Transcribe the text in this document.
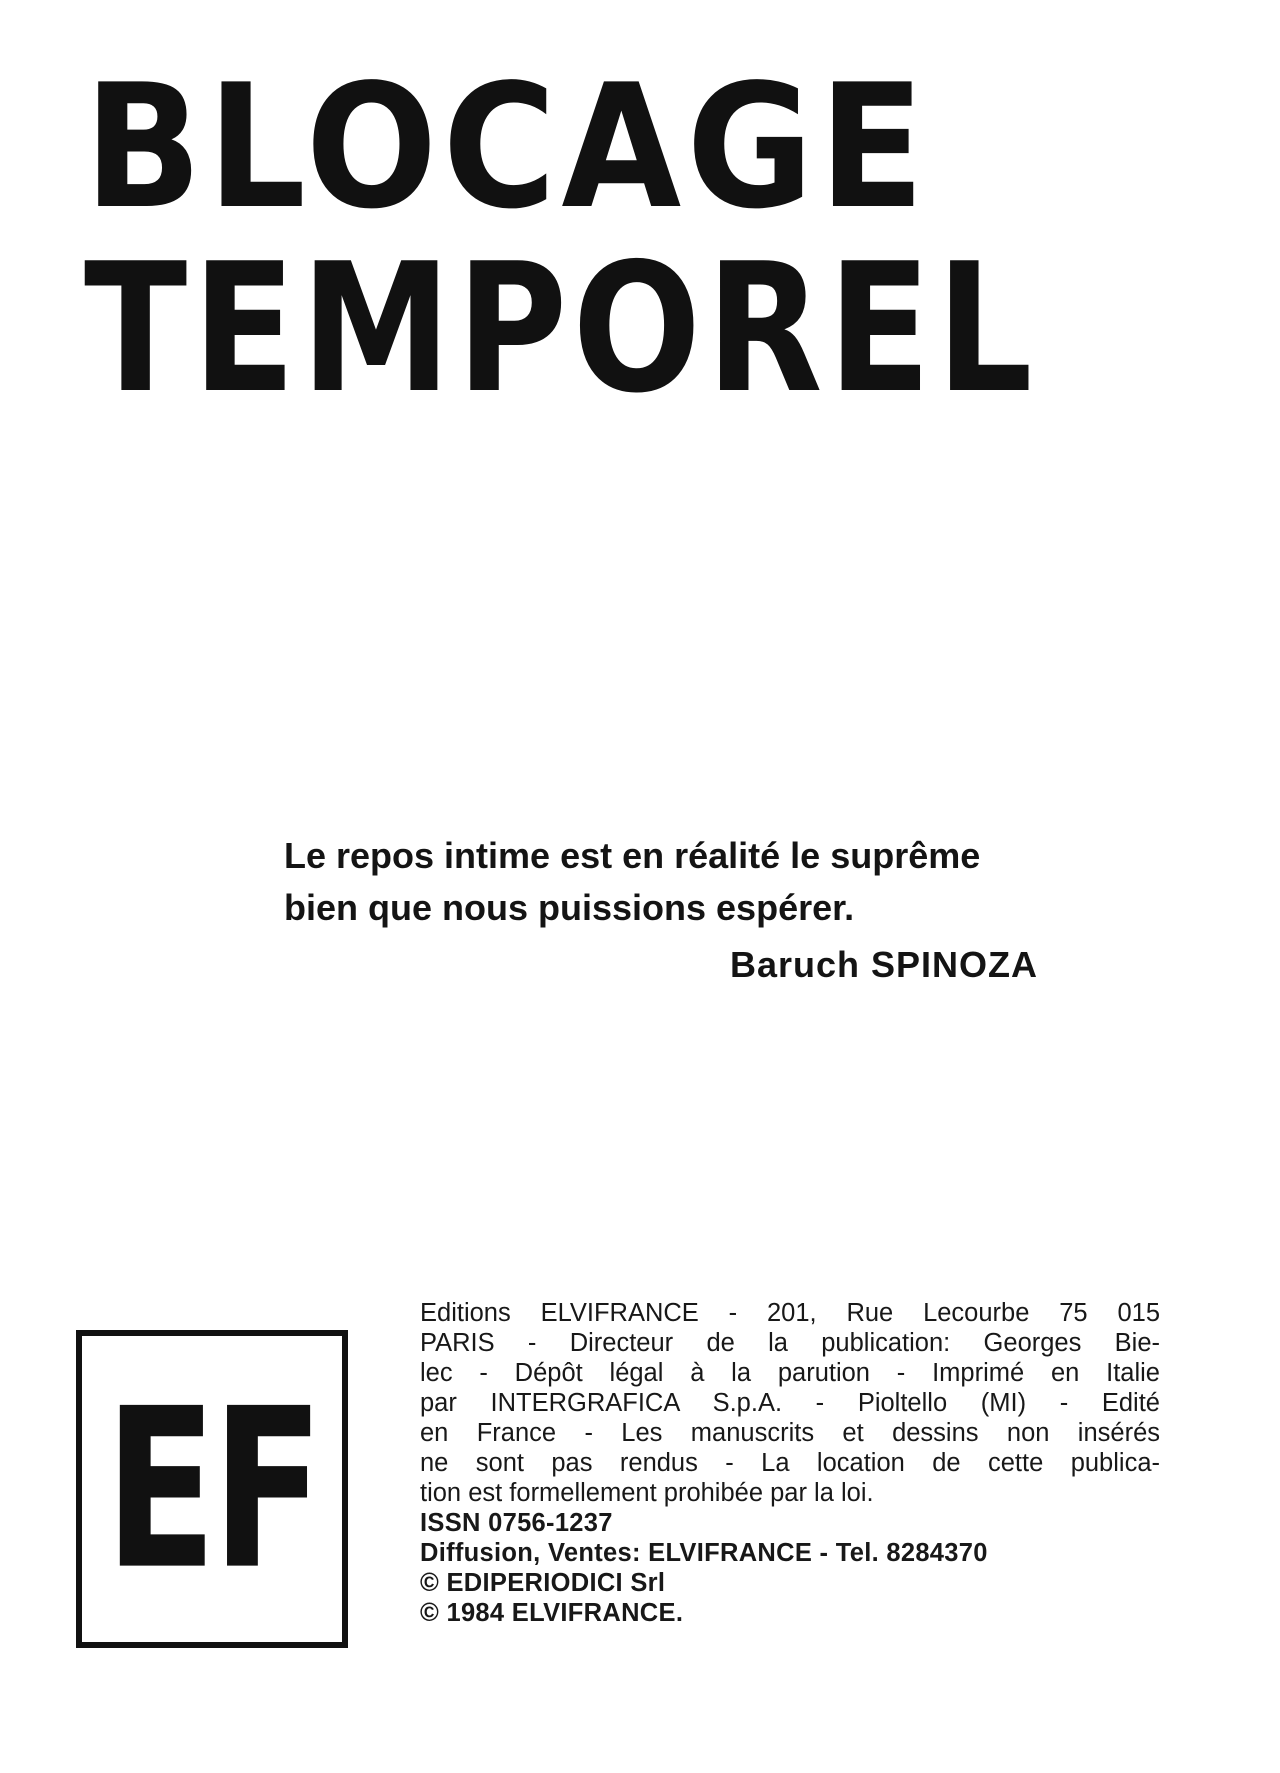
BLOCAGE
TEMPOREL

Le repos intime est en réalité le suprême
bien que nous puissions espérer.

Baruch SPINOZA

EF
Editions ELVIFRANCE - 201, Rue Lecourbe 75 015
PARIS - Directeur de la publication: Georges Bie-
lec - Dépôt légal à la parution - Imprimé en Italie
par INTERGRAFICA S.p.A. - Pioltello (MI) - Edité
en France - Les manuscrits et dessins non insérés
ne sont pas rendus - La location de cette publica-
tion est formellement prohibée par la loi.
ISSN 0756-1237
Diffusion, Ventes: ELVIFRANCE - Tel. 8284370
© EDIPERIODICI Srl
© 1984 ELVIFRANCE.
